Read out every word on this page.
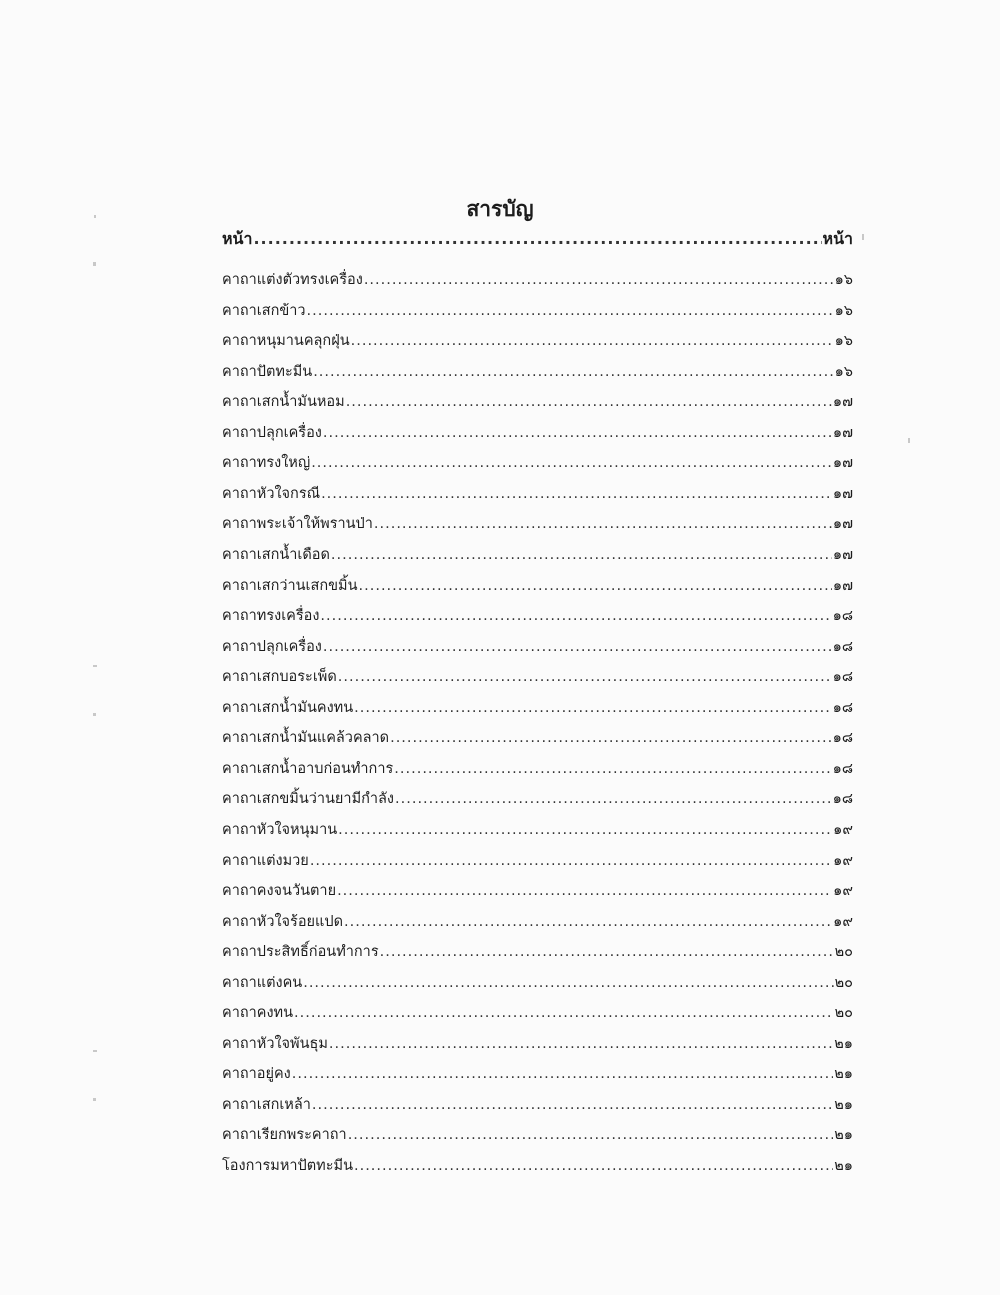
สารบัญ
หน้า .....	หน้า
คาถาแต่งตัวทรงเครื่อง .....	๑๖
คาถาเสกข้าว .....	๑๖
คาถาหนุมานคลุกฝุ่น .....	๑๖
คาถาปัตทะมีน .....	๑๖
คาถาเสกน้ำมันหอม .....	๑๗
คาถาปลุกเครื่อง .....	๑๗
คาถาทรงใหญ่ .....	๑๗
คาถาหัวใจกรณี .....	๑๗
คาถาพระเจ้าให้พรานป่า .....	๑๗
คาถาเสกน้ำเดือด .....	๑๗
คาถาเสกว่านเสกขมิ้น .....	๑๗
คาถาทรงเครื่อง .....	๑๘
คาถาปลุกเครื่อง .....	๑๘
คาถาเสกบอระเพ็ด .....	๑๘
คาถาเสกน้ำมันคงทน .....	๑๘
คาถาเสกน้ำมันแคล้วคลาด .....	๑๘
คาถาเสกน้ำอาบก่อนทำการ .....	๑๘
คาถาเสกขมิ้นว่านยามีกำลัง .....	๑๘
คาถาหัวใจหนุมาน .....	๑๙
คาถาแต่งมวย .....	๑๙
คาถาคงจนวันตาย .....	๑๙
คาถาหัวใจร้อยแปด .....	๑๙
คาถาประสิทธิ์ก่อนทำการ .....	๒๐
คาถาแต่งคน .....	๒๐
คาถาคงทน .....	๒๐
คาถาหัวใจพันธุม .....	๒๑
คาถาอยู่คง .....	๒๑
คาถาเสกเหล้า .....	๒๑
คาถาเรียกพระคาถา .....	๒๑
โองการมหาปัตทะมีน .....	๒๑
